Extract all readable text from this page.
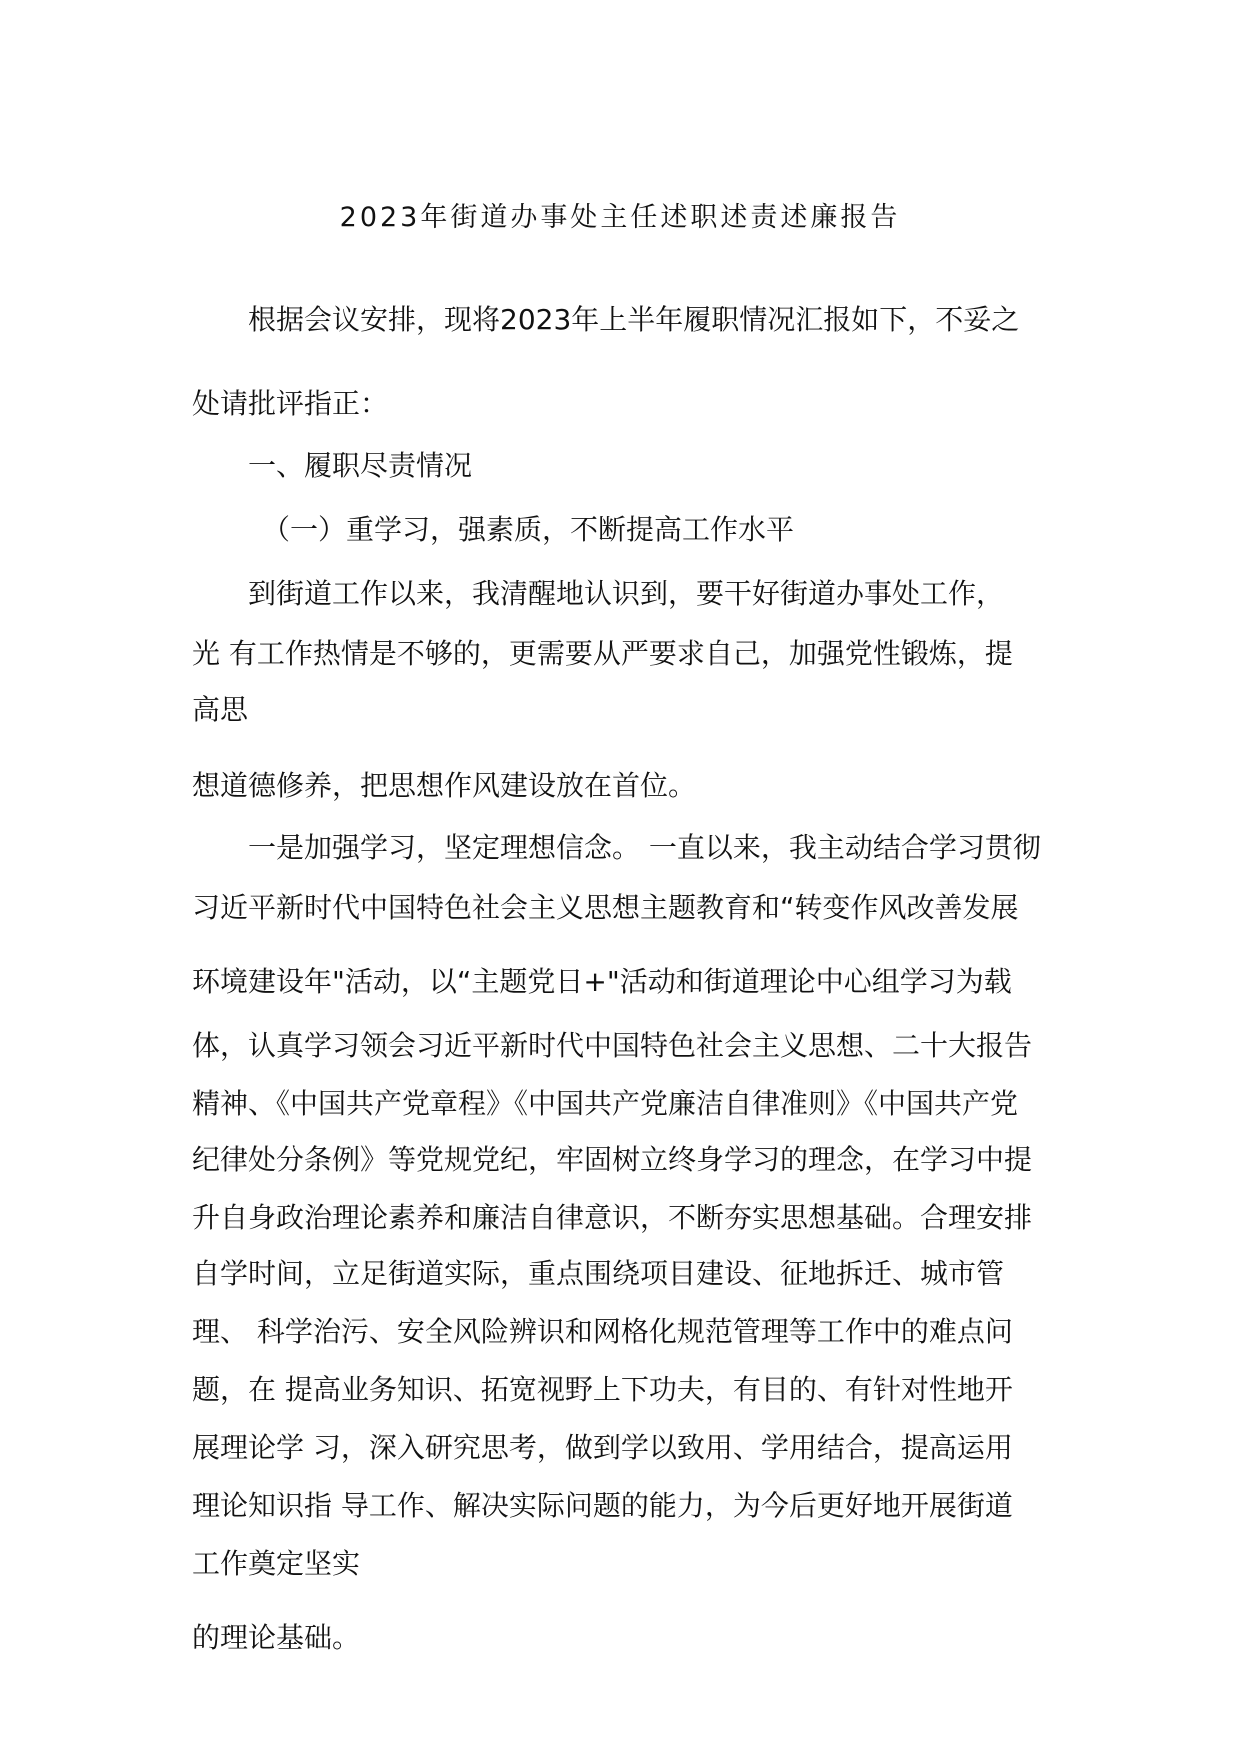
2023年街道办事处主任述职述责述廉报告
根据会议安排，现将2023年上半年履职情况汇报如下，不妥之
处请批评指正：
一、履职尽责情况
（一）重学习，强素质，不断提高工作水平
到街道工作以来，我清醒地认识到，要干好街道办事处工作，
光 有工作热情是不够的，更需要从严要求自己，加强党性锻炼，提
高思
想道德修养，把思想作风建设放在首位。
一是加强学习，坚定理想信念。 一直以来，我主动结合学习贯彻
习近平新时代中国特色社会主义思想主题教育和“转变作风改善发展
环境建设年"活动，以“主题党日+"活动和街道理论中心组学习为载
体，认真学习领会习近平新时代中国特色社会主义思想、二十大报告
精神、《中国共产党章程》《中国共产党廉洁自律准则》《中国共产党
纪律处分条例》等党规党纪，牢固树立终身学习的理念，在学习中提
升自身政治理论素养和廉洁自律意识，不断夯实思想基础。合理安排
自学时间，立足街道实际，重点围绕项目建设、征地拆迁、城市管
理、 科学治污、安全风险辨识和网格化规范管理等工作中的难点问
题，在 提高业务知识、拓宽视野上下功夫，有目的、有针对性地开
展理论学 习，深入研究思考，做到学以致用、学用结合，提高运用
理论知识指 导工作、解决实际问题的能力，为今后更好地开展街道
工作奠定坚实
的理论基础。
